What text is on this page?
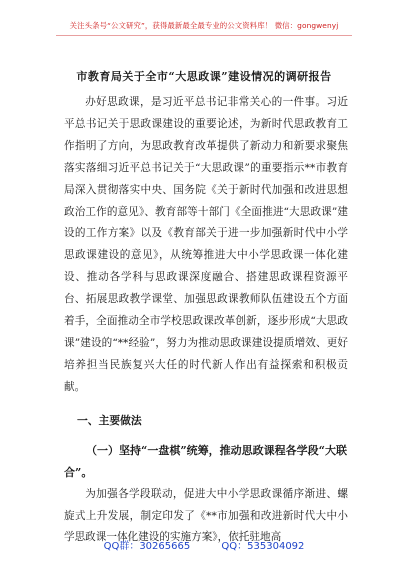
关注头条号“公文研究”，获得最新最全最专业的公文资料库！ 微信：gongwenyj
市教育局关于全市“大思政课”建设情况的调研报告

办好思政课，是习近平总书记非常关心的一件事。习近平总书记关于思政课建设的重要论述，为新时代思政教育工作指明了方向，为思政教育改革提供了新动力和新要求聚焦落实落细习近平总书记关于“大思政课”的重要指示**市教育局深入贯彻落实中央、国务院《关于新时代加强和改进思想政治工作的意见》、教育部等十部门《全面推进“大思政课”建设的工作方案》以及《教育部关于进一步加强新时代中小学思政课建设的意见》，从统筹推进大中小学思政课一体化建设、推动各学科与思政课深度融合、搭建思政课程资源平台、拓展思政教学课堂、加强思政课教师队伍建设五个方面着手，全面推动全市学校思政课改革创新，逐步形成“大思政课”建设的“**经验”，努力为推动思政课建设提质增效、更好培养担当民族复兴大任的时代新人作出有益探索和积极贡献。

一、主要做法
（一）坚持“一盘棋”统筹，推动思政课程各学段“大联合”。

为加强各学段联动，促进大中小学思政课循序渐进、螺旋式上升发展，制定印发了《**市加强和改进新时代大中小学思政课一体化建设的实施方案》，依托驻地高

QQ群：30265665	QQ：535304092
